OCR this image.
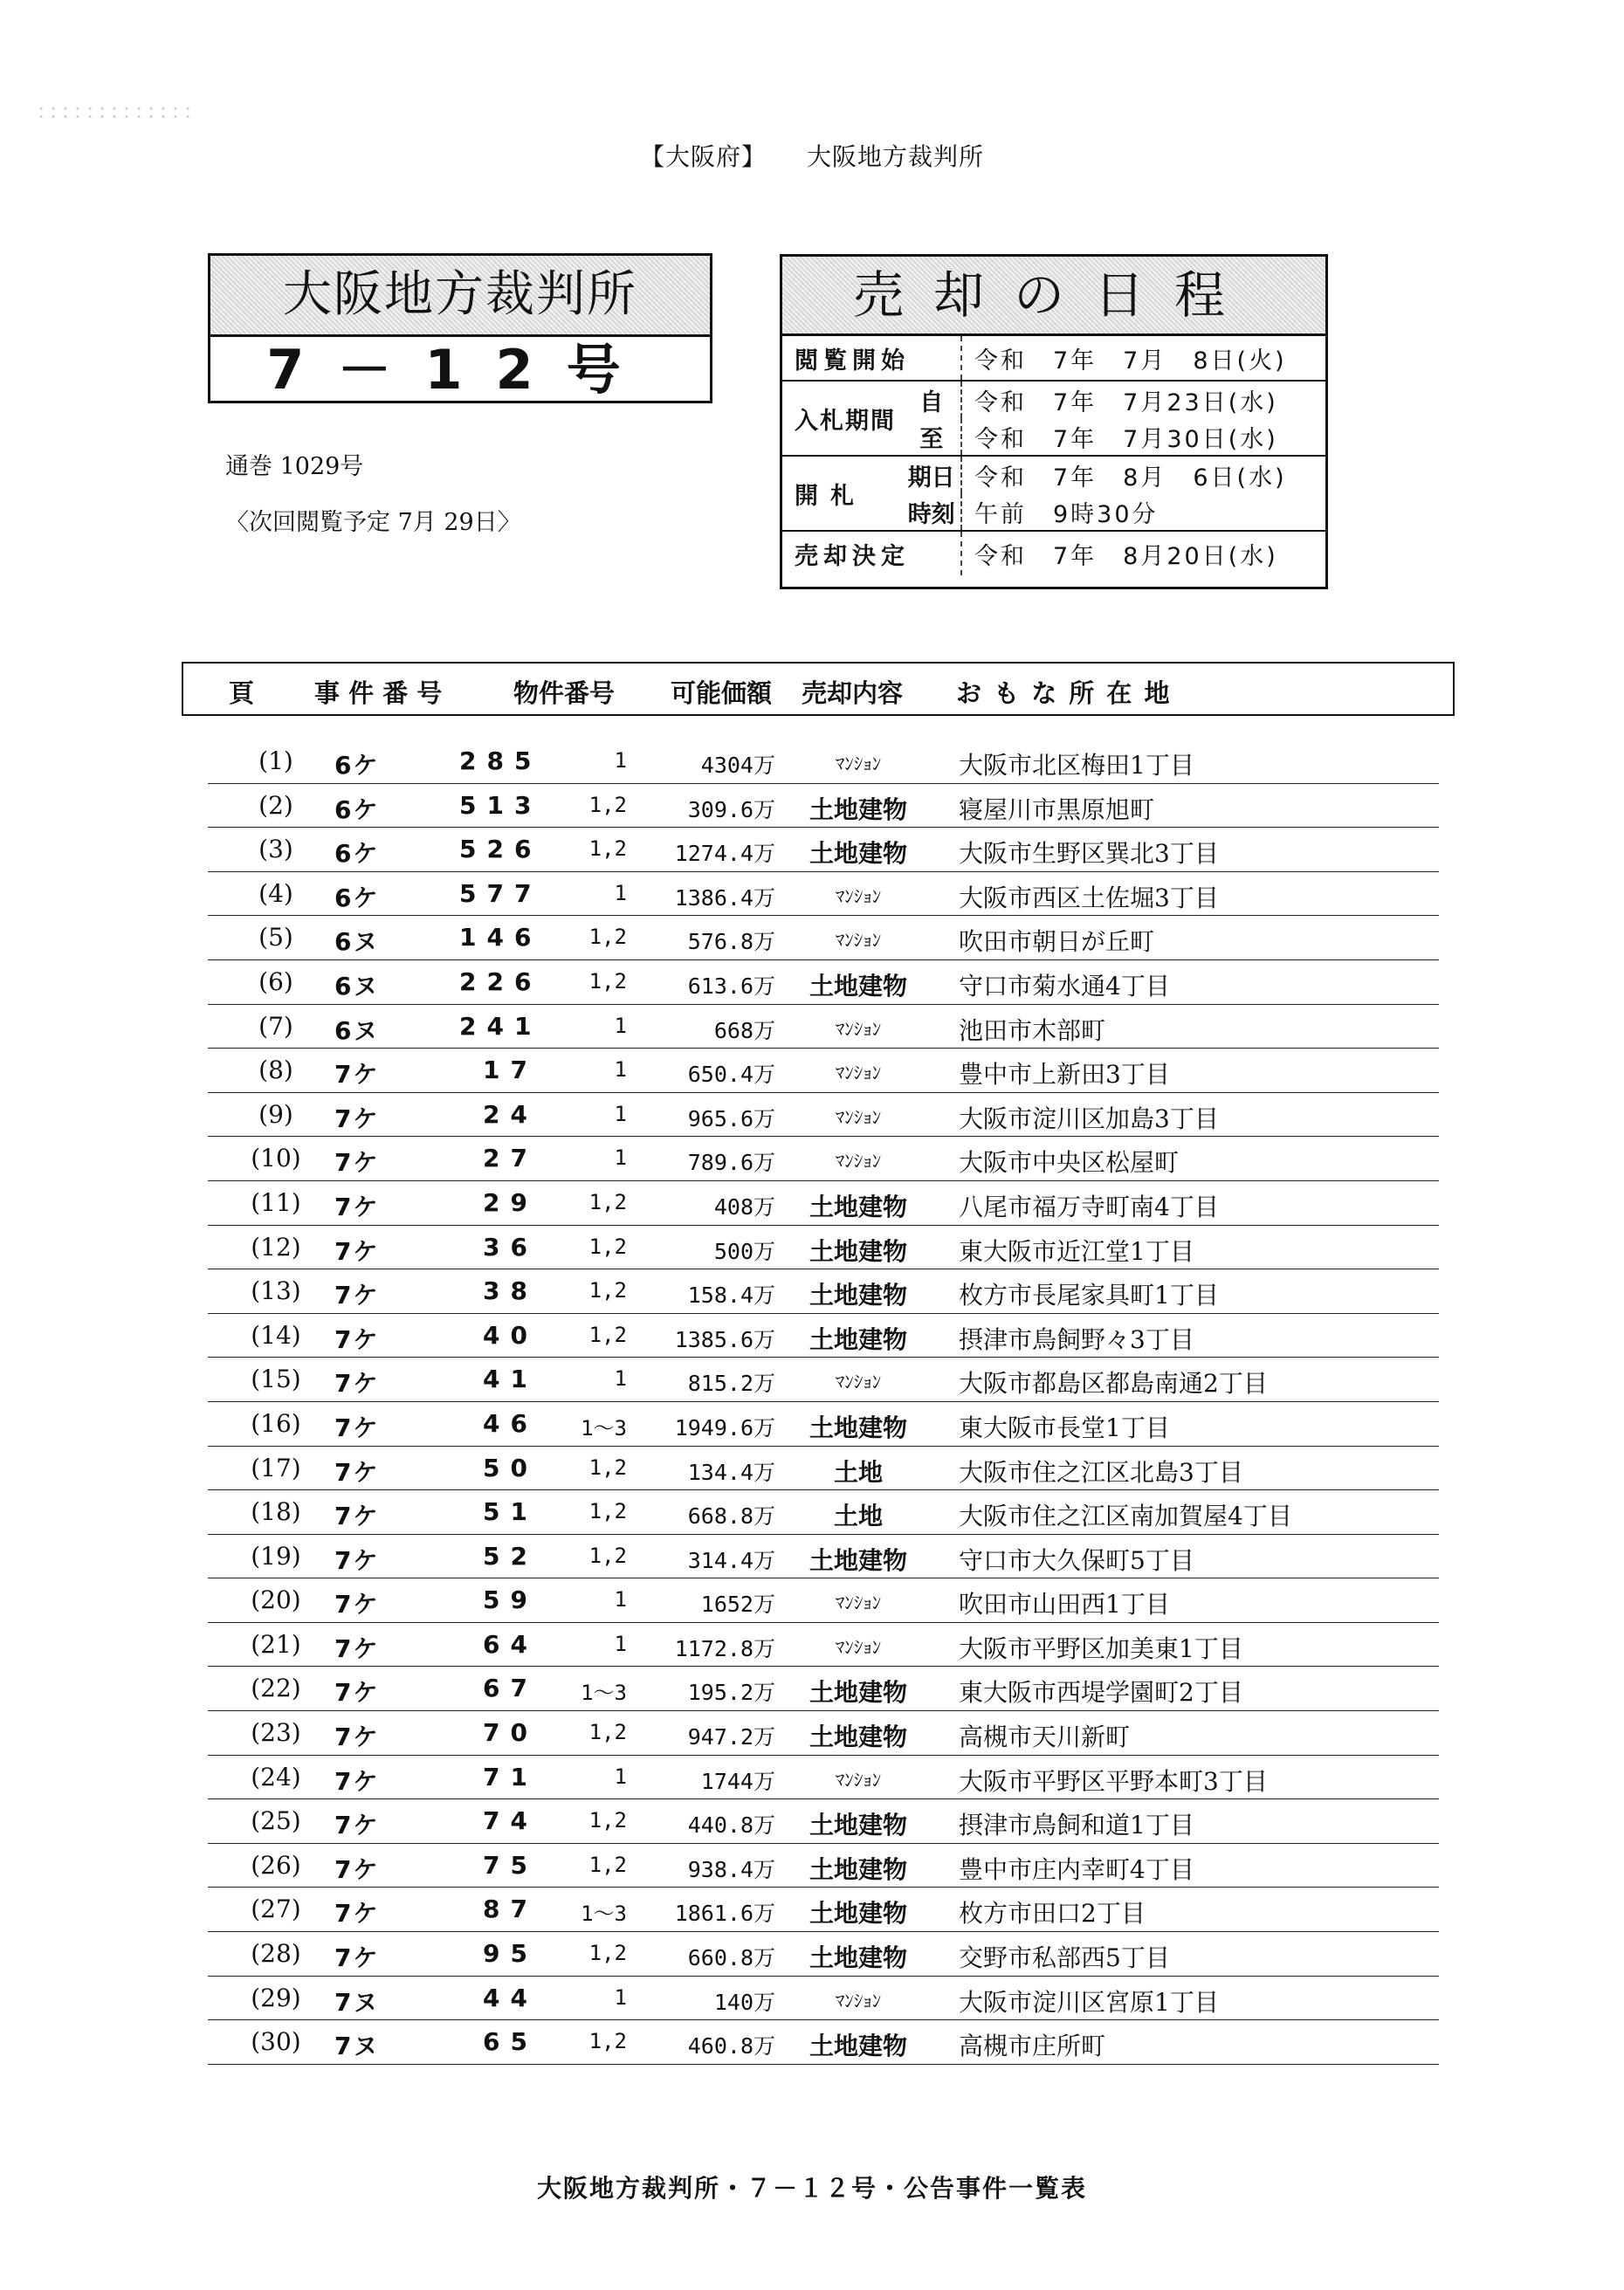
【大阪府】 大阪地方裁判所
大阪地方裁判所
7－12号
通巻 1029号
〈次回閲覧予定 7月 29日〉
売却の日程
閲覧開始		令和　7年　7月　8日(火)
入札期間	自	令和　7年　7月23日(水)
	至	令和　7年　7月30日(水)
開札	期日	令和　7年　8月　6日(水)
	時刻	午前　9時30分
売却決定		令和　7年　8月20日(水)
頁 事 件 番 号	物件番号 可能価額 売却内容 お も な 所 在 地
(1)	6ケ	285	1	4304万	ﾏﾝｼｮﾝ	大阪市北区梅田1丁目
(2)	6ケ	513	1,2	309.6万	土地建物	寝屋川市黒原旭町
(3)	6ケ	526	1,2	1274.4万	土地建物	大阪市生野区巽北3丁目
(4)	6ケ	577	1	1386.4万	ﾏﾝｼｮﾝ	大阪市西区土佐堀3丁目
(5)	6ヌ	146	1,2	576.8万	ﾏﾝｼｮﾝ	吹田市朝日が丘町
(6)	6ヌ	226	1,2	613.6万	土地建物	守口市菊水通4丁目
(7)	6ヌ	241	1	668万	ﾏﾝｼｮﾝ	池田市木部町
(8)	7ケ	17	1	650.4万	ﾏﾝｼｮﾝ	豊中市上新田3丁目
(9)	7ケ	24	1	965.6万	ﾏﾝｼｮﾝ	大阪市淀川区加島3丁目
(10)	7ケ	27	1	789.6万	ﾏﾝｼｮﾝ	大阪市中央区松屋町
(11)	7ケ	29	1,2	408万	土地建物	八尾市福万寺町南4丁目
(12)	7ケ	36	1,2	500万	土地建物	東大阪市近江堂1丁目
(13)	7ケ	38	1,2	158.4万	土地建物	枚方市長尾家具町1丁目
(14)	7ケ	40	1,2	1385.6万	土地建物	摂津市鳥飼野々3丁目
(15)	7ケ	41	1	815.2万	ﾏﾝｼｮﾝ	大阪市都島区都島南通2丁目
(16)	7ケ	46	1～3	1949.6万	土地建物	東大阪市長堂1丁目
(17)	7ケ	50	1,2	134.4万	土地	大阪市住之江区北島3丁目
(18)	7ケ	51	1,2	668.8万	土地	大阪市住之江区南加賀屋4丁目
(19)	7ケ	52	1,2	314.4万	土地建物	守口市大久保町5丁目
(20)	7ケ	59	1	1652万	ﾏﾝｼｮﾝ	吹田市山田西1丁目
(21)	7ケ	64	1	1172.8万	ﾏﾝｼｮﾝ	大阪市平野区加美東1丁目
(22)	7ケ	67	1～3	195.2万	土地建物	東大阪市西堤学園町2丁目
(23)	7ケ	70	1,2	947.2万	土地建物	高槻市天川新町
(24)	7ケ	71	1	1744万	ﾏﾝｼｮﾝ	大阪市平野区平野本町3丁目
(25)	7ケ	74	1,2	440.8万	土地建物	摂津市鳥飼和道1丁目
(26)	7ケ	75	1,2	938.4万	土地建物	豊中市庄内幸町4丁目
(27)	7ケ	87	1～3	1861.6万	土地建物	枚方市田口2丁目
(28)	7ケ	95	1,2	660.8万	土地建物	交野市私部西5丁目
(29)	7ヌ	44	1	140万	ﾏﾝｼｮﾝ	大阪市淀川区宮原1丁目
(30)	7ヌ	65	1,2	460.8万	土地建物	高槻市庄所町
大阪地方裁判所・７－１２号・公告事件一覧表
